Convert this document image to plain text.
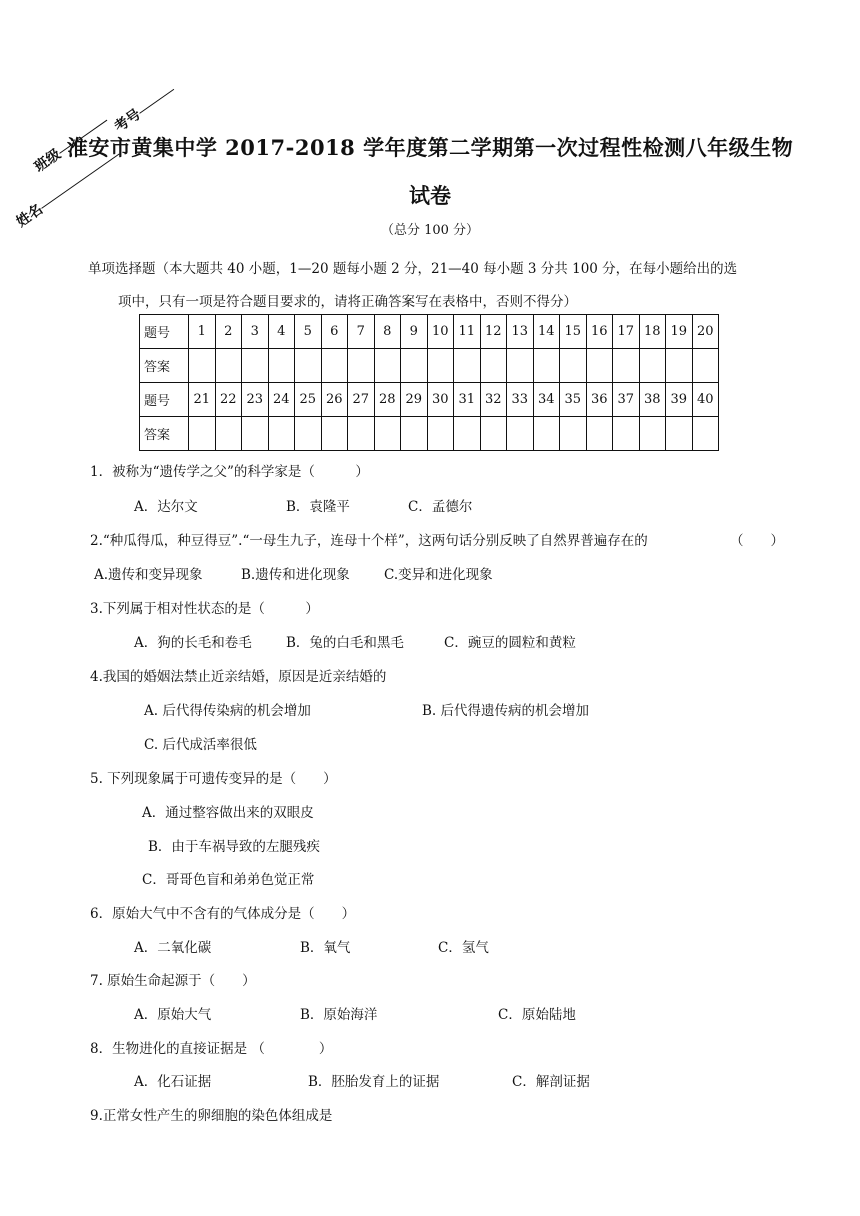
班级
考号
姓名
淮安市黄集中学 2017-2018 学年度第二学期第一次过程性检测八年级生物
试卷
（总分 100 分）
单项选择题（本大题共 40 小题，1—20 题每小题 2 分，21—40 每小题 3 分共 100 分，在每小题给出的选
项中，只有一项是符合题目要求的，请将正确答案写在表格中，否则不得分）
题号	1	2	3	4	5	6	7	8	9	10	11	12	13	14	15	16	17	18	19	20
答案																				
题号	21	22	23	24	25	26	27	28	29	30	31	32	33	34	35	36	37	38	39	40
答案																				
1．被称为“遗传学之父”的科学家是（　　　）
A．达尔文	B．袁隆平	C．孟德尔
2.“种瓜得瓜，种豆得豆”.“一母生九子，连母十个样”，这两句话分别反映了自然界普遍存在的	（　　）
A.遗传和变异现象	B.遗传和进化现象	C.变异和进化现象
3.下列属于相对性状态的是（　　　）
A．狗的长毛和卷毛	B．兔的白毛和黑毛	C．豌豆的圆粒和黄粒
4.我国的婚姻法禁止近亲结婚，原因是近亲结婚的
A. 后代得传染病的机会增加	B. 后代得遗传病的机会增加
C. 后代成活率很低
5. 下列现象属于可遗传变异的是（　　）
A．通过整容做出来的双眼皮
B．由于车祸导致的左腿残疾
C．哥哥色盲和弟弟色觉正常
6．原始大气中不含有的气体成分是（　　）
A．二氧化碳	B．氧气	C．氢气
7. 原始生命起源于（　　）
A．原始大气	B．原始海洋	C．原始陆地
8．生物进化的直接证据是 （　　　　）
A．化石证据	B．胚胎发育上的证据	C．解剖证据
9.正常女性产生的卵细胞的染色体组成是
